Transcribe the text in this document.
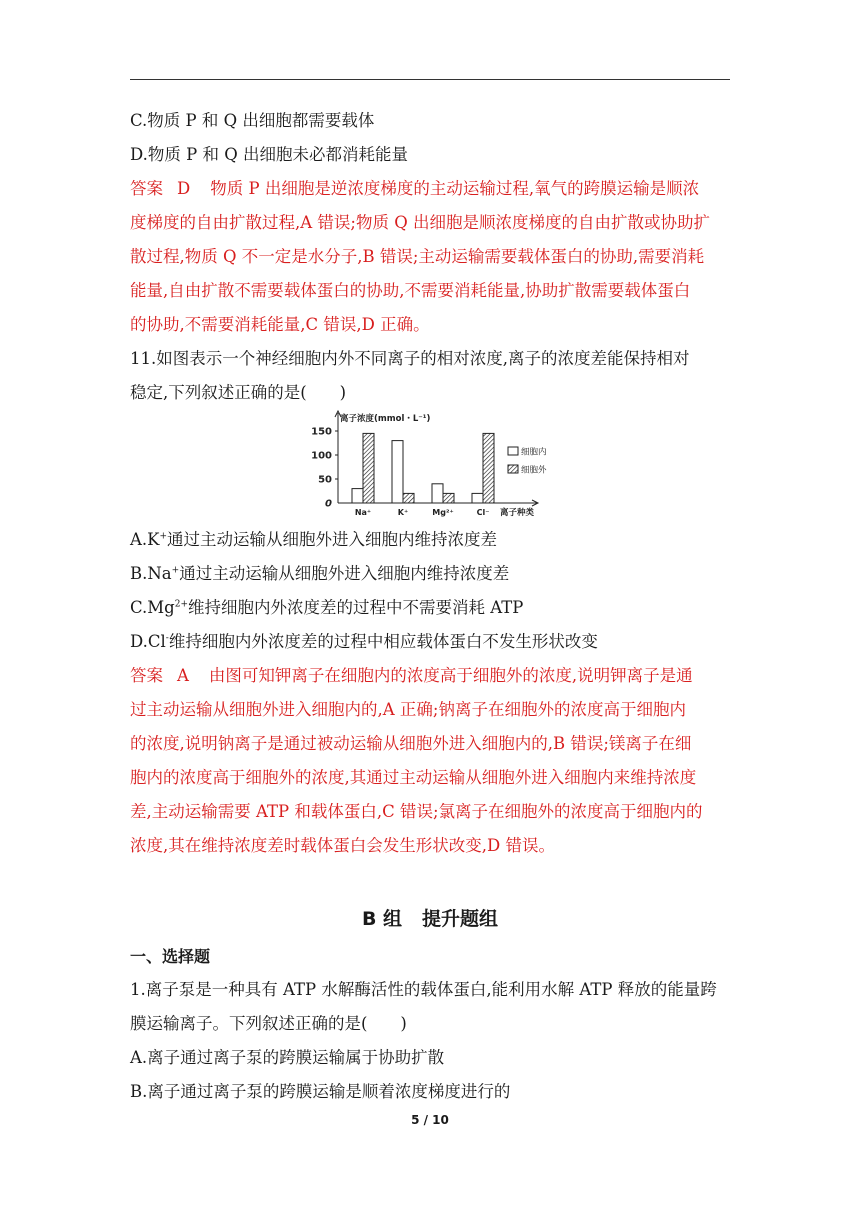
C.物质 P 和 Q 出细胞都需要载体
D.物质 P 和 Q 出细胞未必都消耗能量
答案 D 物质 P 出细胞是逆浓度梯度的主动运输过程,氧气的跨膜运输是顺浓
度梯度的自由扩散过程,A 错误;物质 Q 出细胞是顺浓度梯度的自由扩散或协助扩
散过程,物质 Q 不一定是水分子,B 错误;主动运输需要载体蛋白的协助,需要消耗
能量,自由扩散不需要载体蛋白的协助,不需要消耗能量,协助扩散需要载体蛋白
的协助,不需要消耗能量,C 错误,D 正确。
11.如图表示一个神经细胞内外不同离子的相对浓度,离子的浓度差能保持相对
稳定,下列叙述正确的是(　　)
离子浓度(mmol・L⁻¹)
0
50
100
150
离子种类
Na⁺	K⁺	Mg²⁺	Cl⁻
细胞内
细胞外
A.K+通过主动运输从细胞外进入细胞内维持浓度差
B.Na+通过主动运输从细胞外进入细胞内维持浓度差
$C.Mg^{2+}$维持细胞内外浓度差的过程中不需要消耗 ATP
D.Cl-维持细胞内外浓度差的过程中相应载体蛋白不发生形状改变
答案 A 由图可知钾离子在细胞内的浓度高于细胞外的浓度,说明钾离子是通
过主动运输从细胞外进入细胞内的,A 正确;钠离子在细胞外的浓度高于细胞内
的浓度,说明钠离子是通过被动运输从细胞外进入细胞内的,B 错误;镁离子在细
胞内的浓度高于细胞外的浓度,其通过主动运输从细胞外进入细胞内来维持浓度
差,主动运输需要 ATP 和载体蛋白,C 错误;氯离子在细胞外的浓度高于细胞内的
浓度,其在维持浓度差时载体蛋白会发生形状改变,D 错误。
B 组 提升题组
一、选择题
1.离子泵是一种具有 ATP 水解酶活性的载体蛋白,能利用水解 ATP 释放的能量跨
膜运输离子。下列叙述正确的是(　　)
A.离子通过离子泵的跨膜运输属于协助扩散
B.离子通过离子泵的跨膜运输是顺着浓度梯度进行的
5 / 10
